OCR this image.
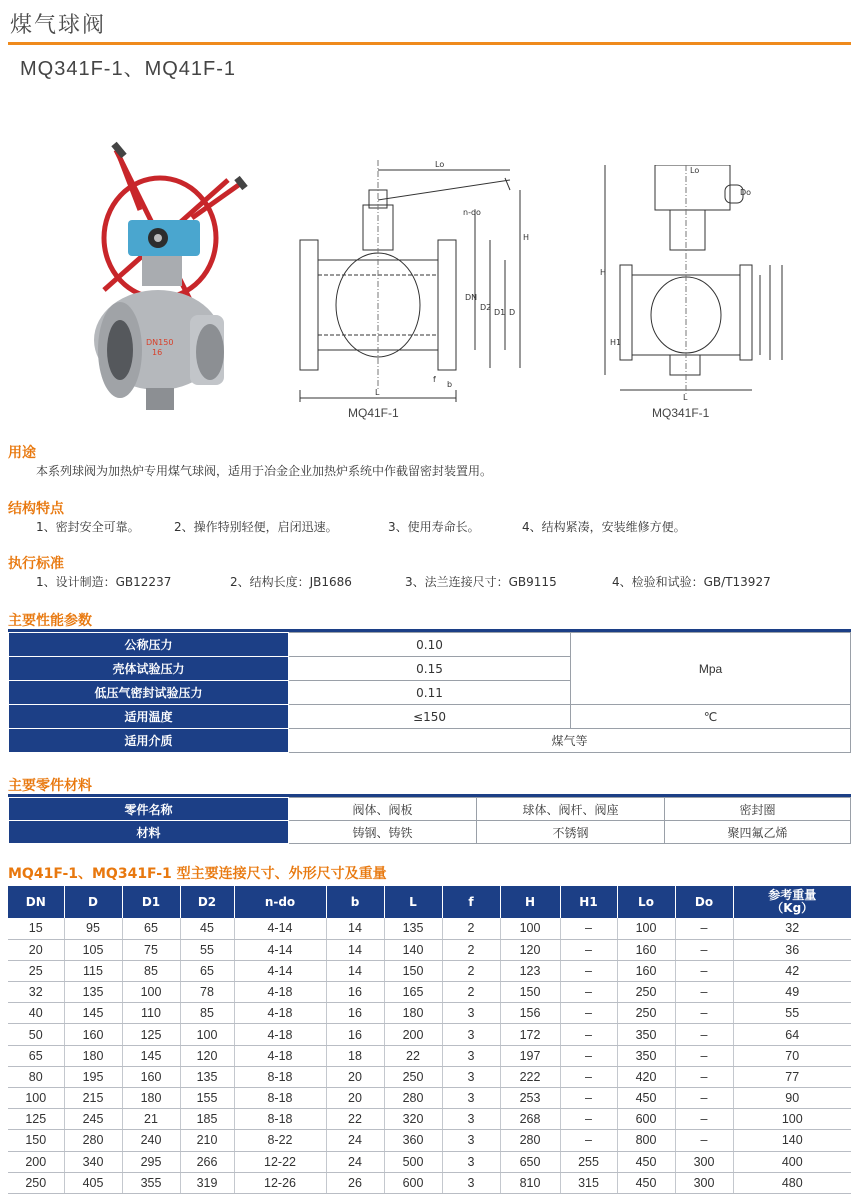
煤气球阀
MQ341F-1、MQ41F-1
DN150
16
Lo
n-do
H
DN
D2
D1 D
f
b
L
MQ41F-1
Do
H
H1
L
Lo
MQ341F-1
用途
本系列球阀为加热炉专用煤气球阀，适用于冶金企业加热炉系统中作截留密封装置用。
结构特点
1、密封安全可靠。	2、操作特别轻便，启闭迅速。	3、使用寿命长。	4、结构紧凑，安装维修方便。
执行标准
1、设计制造：GB12237	2、结构长度：JB1686	3、法兰连接尺寸：GB9115	4、检验和试验：GB/T13927
主要性能参数
公称压力	0.10	Mpa
壳体试验压力	0.15	
低压气密封试验压力	0.11	
适用温度	≤150	℃
适用介质	煤气等	
主要零件材料
零件名称	阀体、阀板	球体、阀杆、阀座	密封圈
材料	铸钢、铸铁	不锈钢	聚四氟乙烯
MQ41F-1、MQ341F-1 型主要连接尺寸、外形尺寸及重量
DN	D	D1	D2	n-do	b	L	f	H	H1	Lo	Do	参考重量
（Kg）

15	95	65	45	4-14	14	135	2	100	–	100	–	32
20	105	75	55	4-14	14	140	2	120	–	160	–	36
25	115	85	65	4-14	14	150	2	123	–	160	–	42
32	135	100	78	4-18	16	165	2	150	–	250	–	49
40	145	110	85	4-18	16	180	3	156	–	250	–	55
50	160	125	100	4-18	16	200	3	172	–	350	–	64
65	180	145	120	4-18	18	22	3	197	–	350	–	70
80	195	160	135	8-18	20	250	3	222	–	420	–	77
100	215	180	155	8-18	20	280	3	253	–	450	–	90
125	245	21	185	8-18	22	320	3	268	–	600	–	100
150	280	240	210	8-22	24	360	3	280	–	800	–	140
200	340	295	266	12-22	24	500	3	650	255	450	300	400
250	405	355	319	12-26	26	600	3	810	315	450	300	480
